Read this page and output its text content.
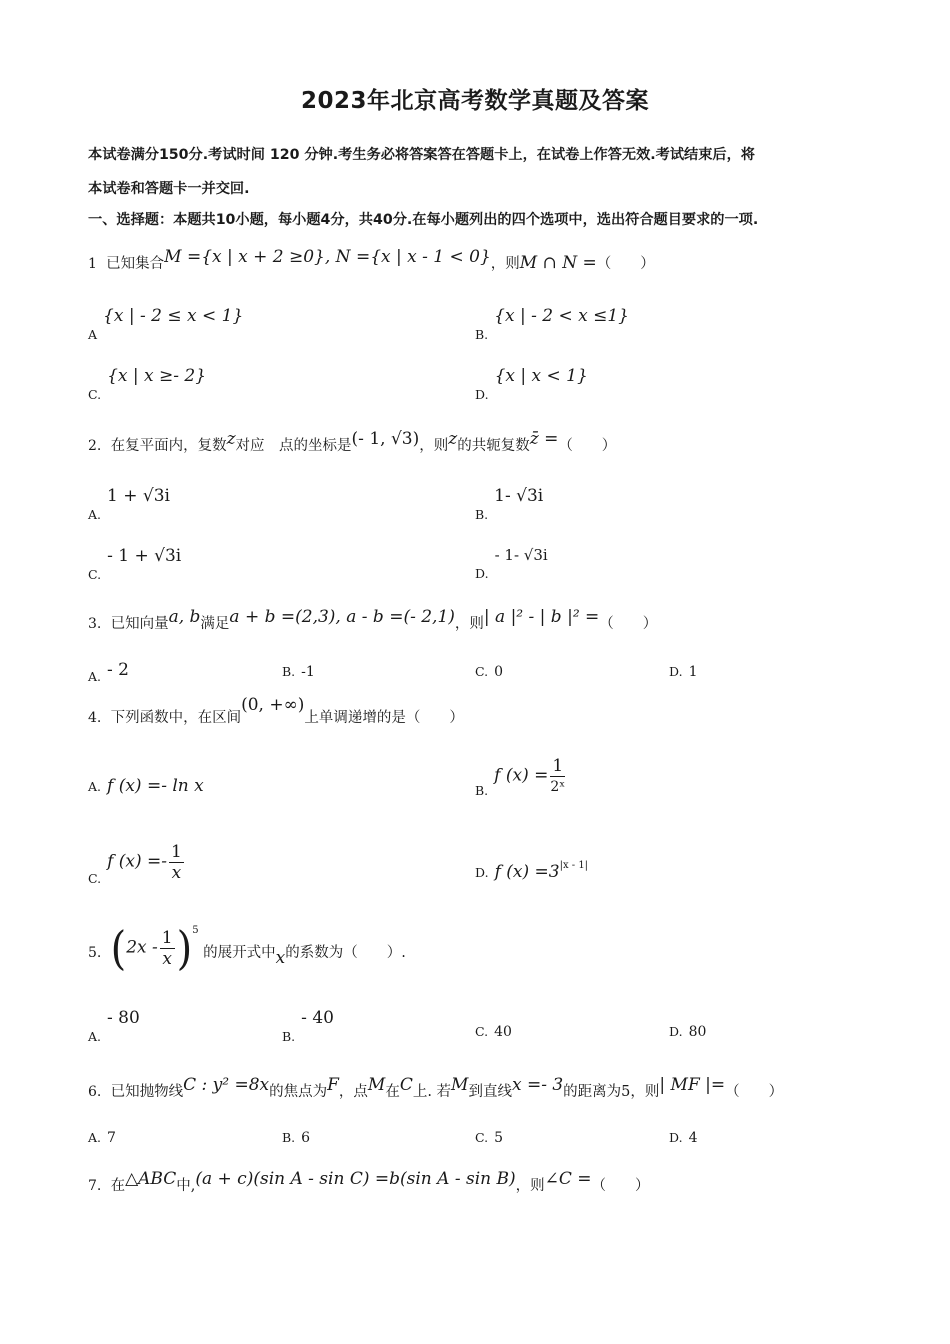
2023年北京高考数学真题及答案
本试卷满分150分.考试时间 120 分钟.考生务必将答案答在答题卡上，在试卷上作答无效.考试结束后，将
本试卷和答题卡一并交回.
一、选择题：本题共10小题，每小题4分，共40分.在每小题列出的四个选项中，选出符合题目要求的一项.
1 已知集合M ={x | x + 2 ≥0}, N ={x | x - 1 < 0}，则M ∩ N =（　　）
A{x | - 2 ≤ x < 1}
B.{x | - 2 < x ≤1}
C.{x | x ≥- 2}
D.{x | x < 1}
2. 在复平面内，复数z对应　点的坐标是(- 1, √3)，则z的共轭复数z̄ =（　　）
A.1 + √3i
B.1- √3i
C.- 1 + √3i
D.- 1- √3i
3. 已知向量a, b满足a + b =(2,3), a - b =(- 2,1)，则| a |² - | b |² =（　　）
A. - 2	B. -1	C. 0	D. 1
4. 下列函数中，在区间(0, +∞)上单调递增的是（　　）
A. f (x) =- ln x	B.f $(x) = \frac{1}{\text{2ˣ}}$
C.f $(x) =- \frac{1}{x}$	D. f $(x) =3^{|x - 1|}$
5. $(2x - \frac{1}{x} )^5$ 的展开式中x的系数为（　　）.
A.- 80
B.- 40
C. 40	D. 80
6. 已知抛物线C : y² =8x的焦点为F，点M在C上. 若M到直线x =- 3的距离为5，则| MF |=（　　）
A. 7	B. 6	C. 5	D. 4
7. 在△ABC中,(a + c)(sin A - sin C) =b(sin A - sin B)，则∠C =（　　）
